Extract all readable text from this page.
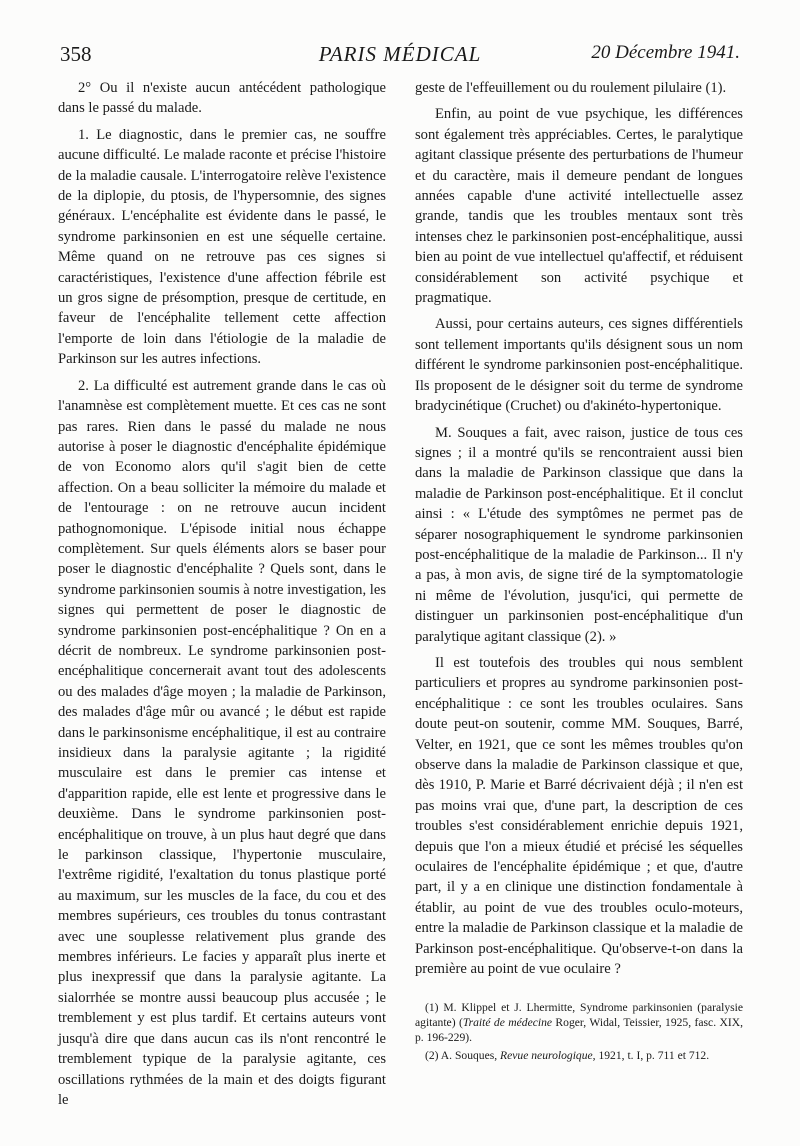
358	PARIS MÉDICAL	20 Décembre 1941.

2° Ou il n'existe aucun antécédent pathologique dans le passé du malade.

1. Le diagnostic, dans le premier cas, ne souffre aucune difficulté. Le malade raconte et précise l'histoire de la maladie causale. L'interrogatoire relève l'existence de la diplopie, du ptosis, de l'hypersomnie, des signes généraux. L'encéphalite est évidente dans le passé, le syndrome parkinsonien en est une séquelle certaine. Même quand on ne retrouve pas ces signes si caractéristiques, l'existence d'une affection fébrile est un gros signe de présomption, presque de certitude, en faveur de l'encéphalite tellement cette affection l'emporte de loin dans l'étiologie de la maladie de Parkinson sur les autres infections.

2. La difficulté est autrement grande dans le cas où l'anamnèse est complètement muette. Et ces cas ne sont pas rares. Rien dans le passé du malade ne nous autorise à poser le diagnostic d'encéphalite épidémique de von Economo alors qu'il s'agit bien de cette affection. On a beau solliciter la mémoire du malade et de l'entourage : on ne retrouve aucun incident pathognomonique. L'épisode initial nous échappe complètement. Sur quels éléments alors se baser pour poser le diagnostic d'encéphalite ? Quels sont, dans le syndrome parkinsonien soumis à notre investigation, les signes qui permettent de poser le diagnostic de syndrome parkinsonien post-encéphalitique ? On en a décrit de nombreux. Le syndrome parkinsonien post-encéphalitique concernerait avant tout des adolescents ou des malades d'âge moyen ; la maladie de Parkinson, des malades d'âge mûr ou avancé ; le début est rapide dans le parkinsonisme encéphalitique, il est au contraire insidieux dans la paralysie agitante ; la rigidité musculaire est dans le premier cas intense et d'apparition rapide, elle est lente et progressive dans le deuxième. Dans le syndrome parkinsonien post-encéphalitique on trouve, à un plus haut degré que dans le parkinson classique, l'hypertonie musculaire, l'extrême rigidité, l'exaltation du tonus plastique porté au maximum, sur les muscles de la face, du cou et des membres supérieurs, ces troubles du tonus contrastant avec une souplesse relativement plus grande des membres inférieurs. Le facies y apparaît plus inerte et plus inexpressif que dans la paralysie agitante. La sialorrhée se montre aussi beaucoup plus accusée ; le tremblement y est plus tardif. Et certains auteurs vont jusqu'à dire que dans aucun cas ils n'ont rencontré le tremblement typique de la paralysie agitante, ces oscillations rythmées de la main et des doigts figurant le

geste de l'effeuillement ou du roulement pilulaire (1).

Enfin, au point de vue psychique, les différences sont également très appréciables. Certes, le paralytique agitant classique présente des perturbations de l'humeur et du caractère, mais il demeure pendant de longues années capable d'une activité intellectuelle assez grande, tandis que les troubles mentaux sont très intenses chez le parkinsonien post-encéphalitique, aussi bien au point de vue intellectuel qu'affectif, et réduisent considérablement son activité psychique et pragmatique.

Aussi, pour certains auteurs, ces signes différentiels sont tellement importants qu'ils désignent sous un nom différent le syndrome parkinsonien post-encéphalitique. Ils proposent de le désigner soit du terme de syndrome bradycinétique (Cruchet) ou d'akinéto-hypertonique.

M. Souques a fait, avec raison, justice de tous ces signes ; il a montré qu'ils se rencontraient aussi bien dans la maladie de Parkinson classique que dans la maladie de Parkinson post-encéphalitique. Et il conclut ainsi : « L'étude des symptômes ne permet pas de séparer nosographiquement le syndrome parkinsonien post-encéphalitique de la maladie de Parkinson... Il n'y a pas, à mon avis, de signe tiré de la symptomatologie ni même de l'évolution, jusqu'ici, qui permette de distinguer un parkinsonien post-encéphalitique d'un paralytique agitant classique (2). »

Il est toutefois des troubles qui nous semblent particuliers et propres au syndrome parkinsonien post-encéphalitique : ce sont les troubles oculaires. Sans doute peut-on soutenir, comme MM. Souques, Barré, Velter, en 1921, que ce sont les mêmes troubles qu'on observe dans la maladie de Parkinson classique et que, dès 1910, P. Marie et Barré décrivaient déjà ; il n'en est pas moins vrai que, d'une part, la description de ces troubles s'est considérablement enrichie depuis 1921, depuis que l'on a mieux étudié et précisé les séquelles oculaires de l'encéphalite épidémique ; et que, d'autre part, il y a en clinique une distinction fondamentale à établir, au point de vue des troubles oculo-moteurs, entre la maladie de Parkinson classique et la maladie de Parkinson post-encéphalitique. Qu'observe-t-on dans la première au point de vue oculaire ?

(1) M. Klippel et J. Lhermitte, Syndrome parkinsonien (paralysie agitante) (Traité de médecine Roger, Widal, Teissier, 1925, fasc. XIX, p. 196-229).

(2) A. Souques, Revue neurologique, 1921, t. I, p. 711 et 712.
